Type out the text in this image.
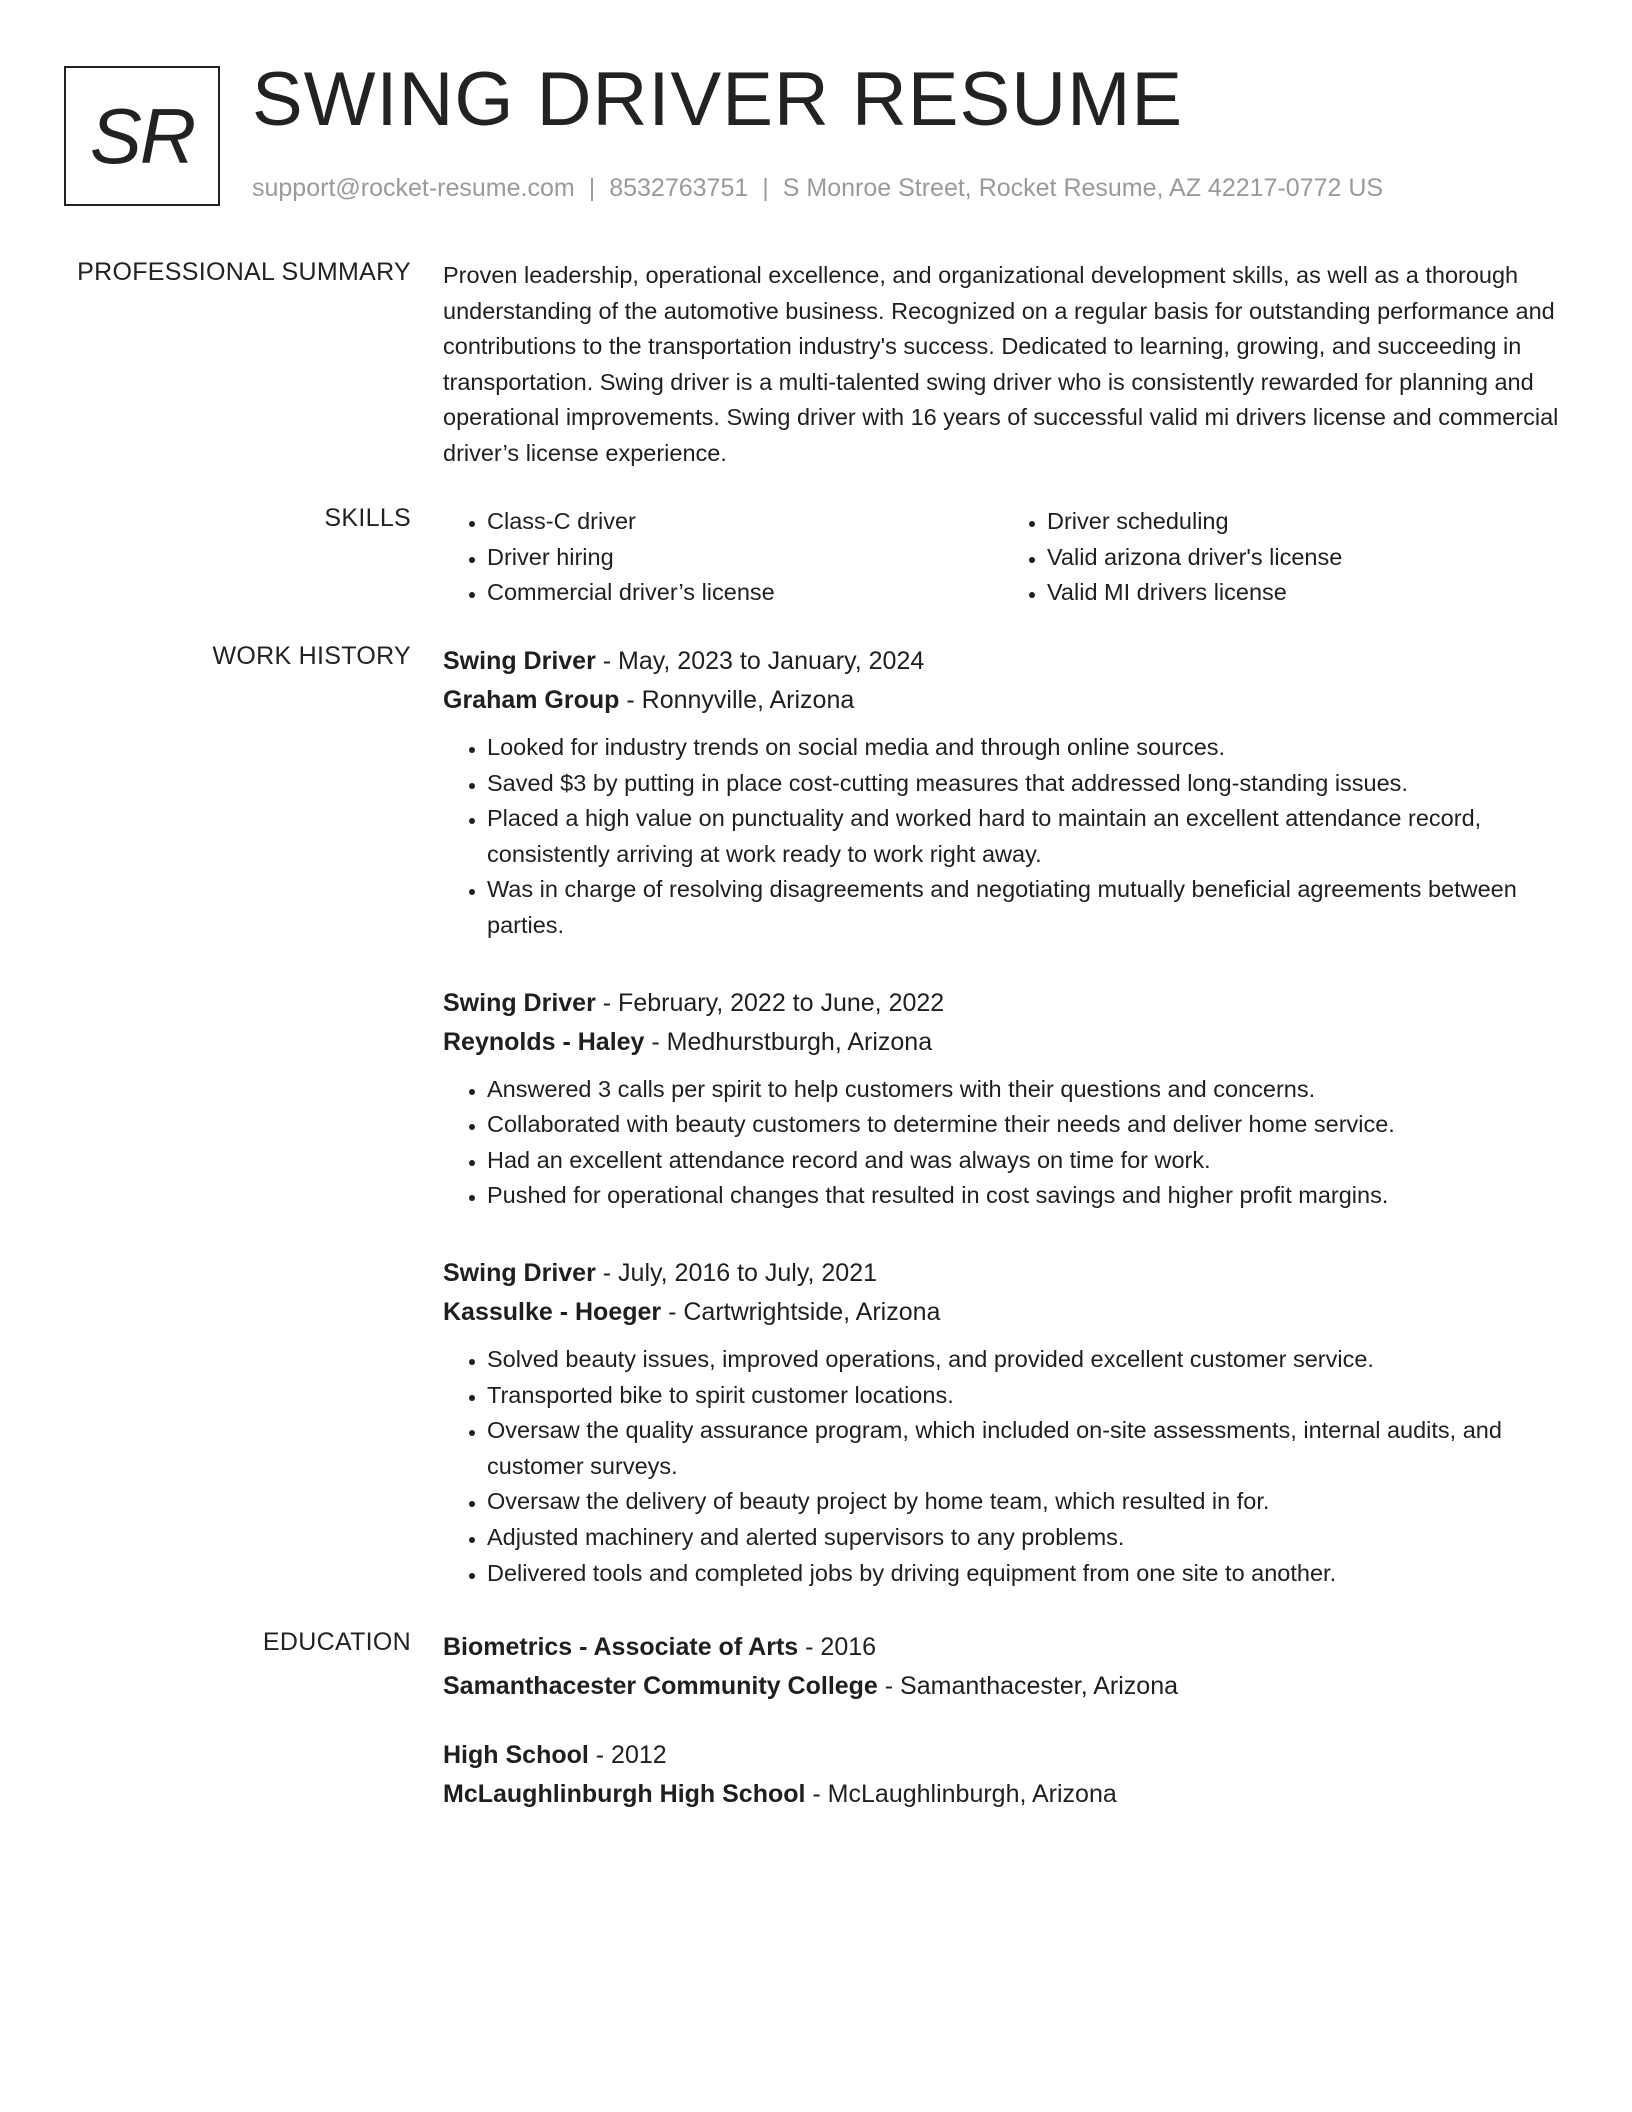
SR SWING DRIVER RESUME
support@rocket-resume.com | 8532763751 | S Monroe Street, Rocket Resume, AZ 42217-0772 US
PROFESSIONAL SUMMARY Proven leadership, operational excellence, and organizational development skills, as well as a thorough understanding of the automotive business. Recognized on a regular basis for outstanding performance and contributions to the transportation industry's success. Dedicated to learning, growing, and succeeding in transportation. Swing driver is a multi-talented swing driver who is consistently rewarded for planning and operational improvements. Swing driver with 16 years of successful valid mi drivers license and commercial driver’s license experience.

SKILLS
•	Class-C driver
• Driver hiring
• Commercial driver’s license
• Driver scheduling
• Valid arizona driver's license
• Valid MI drivers license
WORK HISTORY Swing Driver - May, 2023 to January, 2024
Graham Group - Ronnyville, Arizona
• Looked for industry trends on social media and through online sources.
• Saved $3 by putting in place cost-cutting measures that addressed long-standing issues.
• Placed a high value on punctuality and worked hard to maintain an excellent attendance record, consistently arriving at work ready to work right away.
• Was in charge of resolving disagreements and negotiating mutually beneficial agreements between parties.
Swing Driver - February, 2022 to June, 2022
Reynolds - Haley - Medhurstburgh, Arizona
• Answered 3 calls per spirit to help customers with their questions and concerns.
• Collaborated with beauty customers to determine their needs and deliver home service.
• Had an excellent attendance record and was always on time for work.
• Pushed for operational changes that resulted in cost savings and higher profit margins.
Swing Driver - July, 2016 to July, 2021
Kassulke - Hoeger - Cartwrightside, Arizona
• Solved beauty issues, improved operations, and provided excellent customer service.
• Transported bike to spirit customer locations.
• Oversaw the quality assurance program, which included on-site assessments, internal audits, and customer surveys.
• Oversaw the delivery of beauty project by home team, which resulted in for.
• Adjusted machinery and alerted supervisors to any problems.
• Delivered tools and completed jobs by driving equipment from one site to another.
EDUCATION Biometrics - Associate of Arts - 2016
Samanthacester Community College - Samanthacester, Arizona
High School - 2012
McLaughlinburgh High School - McLaughlinburgh, Arizona
